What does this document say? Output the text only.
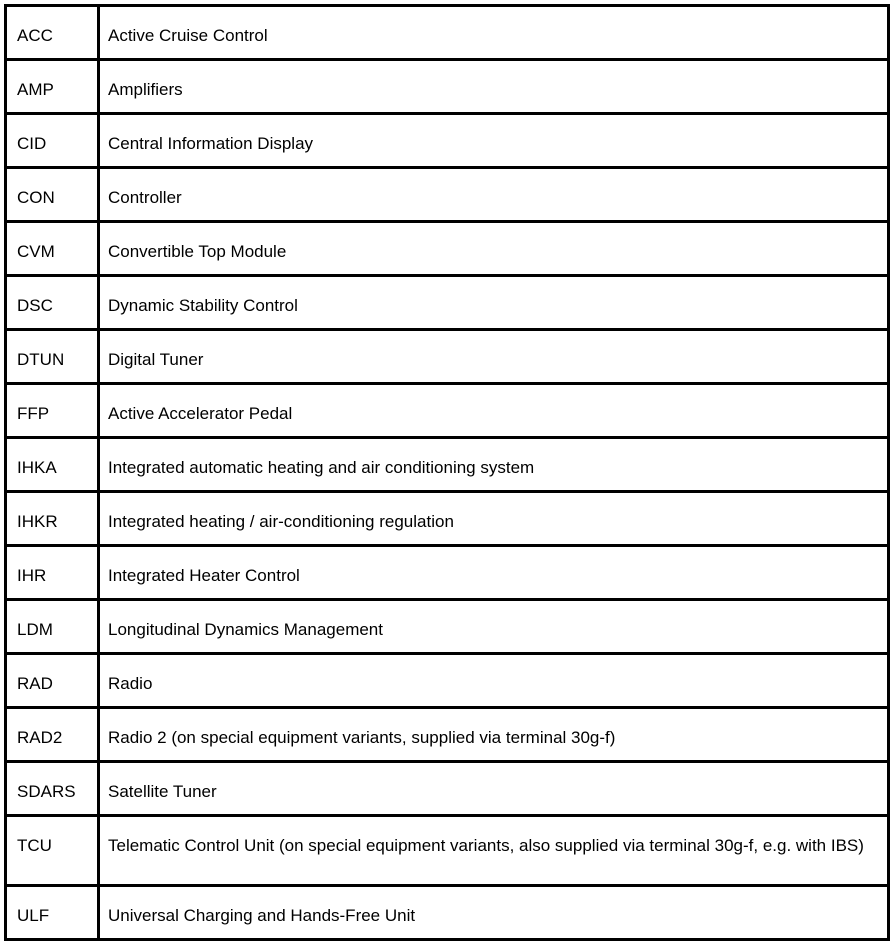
ACC	Active Cruise Control
AMP	Amplifiers
CID	Central Information Display
CON	Controller
CVM	Convertible Top Module
DSC	Dynamic Stability Control
DTUN	Digital Tuner
FFP	Active Accelerator Pedal
IHKA	Integrated automatic heating and air conditioning system
IHKR	Integrated heating / air-conditioning regulation
IHR	Integrated Heater Control
LDM	Longitudinal Dynamics Management
RAD	Radio
RAD2	Radio 2 (on special equipment variants, supplied via terminal 30g-f)
SDARS	Satellite Tuner
TCU	Telematic Control Unit (on special equipment variants, also supplied via terminal 30g-f, e.g. with IBS)
ULF	Universal Charging and Hands-Free Unit
